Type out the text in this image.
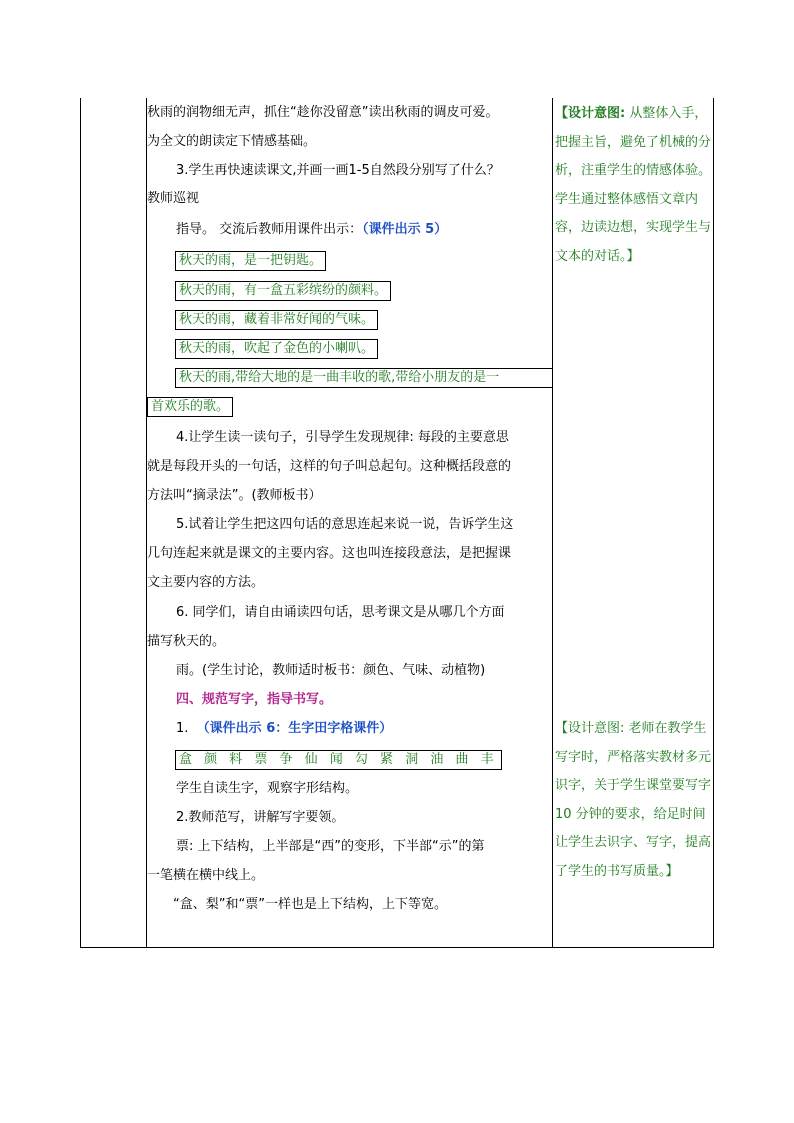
秋雨的润物细无声，抓住“趁你没留意”读出秋雨的调皮可爱。
为全文的朗读定下情感基础。
3.学生再快速读课文,并画一画1-5自然段分别写了什么？
教师巡视
指导。 交流后教师用课件出示：（课件出示 5）
秋天的雨，是一把钥匙。
秋天的雨，有一盒五彩缤纷的颜料。
秋天的雨，藏着非常好闻的气味。
秋天的雨，吹起了金色的小喇叭。
秋天的雨,带给大地的是一曲丰收的歌,带给小朋友的是一
首欢乐的歌。
4.让学生读一读句子，引导学生发现规律: 每段的主要意思
就是每段开头的一句话，这样的句子叫总起句。这种概括段意的
方法叫“摘录法”。(教师板书）
5.试着让学生把这四句话的意思连起来说一说，告诉学生这
几句连起来就是课文的主要内容。这也叫连接段意法，是把握课
文主要内容的方法。
6. 同学们，请自由诵读四句话，思考课文是从哪几个方面
描写秋天的。
雨。(学生讨论，教师适时板书：颜色、气味、动植物)
四、规范写字，指导书写。
1. （课件出示 6：生字田字格课件）
盒 颜 料 票 争 仙 闻 勾 紧 洞 油 曲 丰
学生自读生字，观察字形结构。
2.教师范写，讲解写字要领。
票: 上下结构，上半部是“西”的变形，下半部“示”的第
一笔横在横中线上。
“盒、梨”和“票”一样也是上下结构，上下等宽。
【设计意图: 从整体入手，把握主旨，避免了机械的分析，注重学生的情感体验。学生通过整体感悟文章内容，边读边想，实现学生与文本的对话。】
【设计意图: 老师在教学生写字时，严格落实教材多元识字，关于学生课堂要写字 10 分钟的要求，给足时间让学生去识字、写字，提高了学生的书写质量。】
